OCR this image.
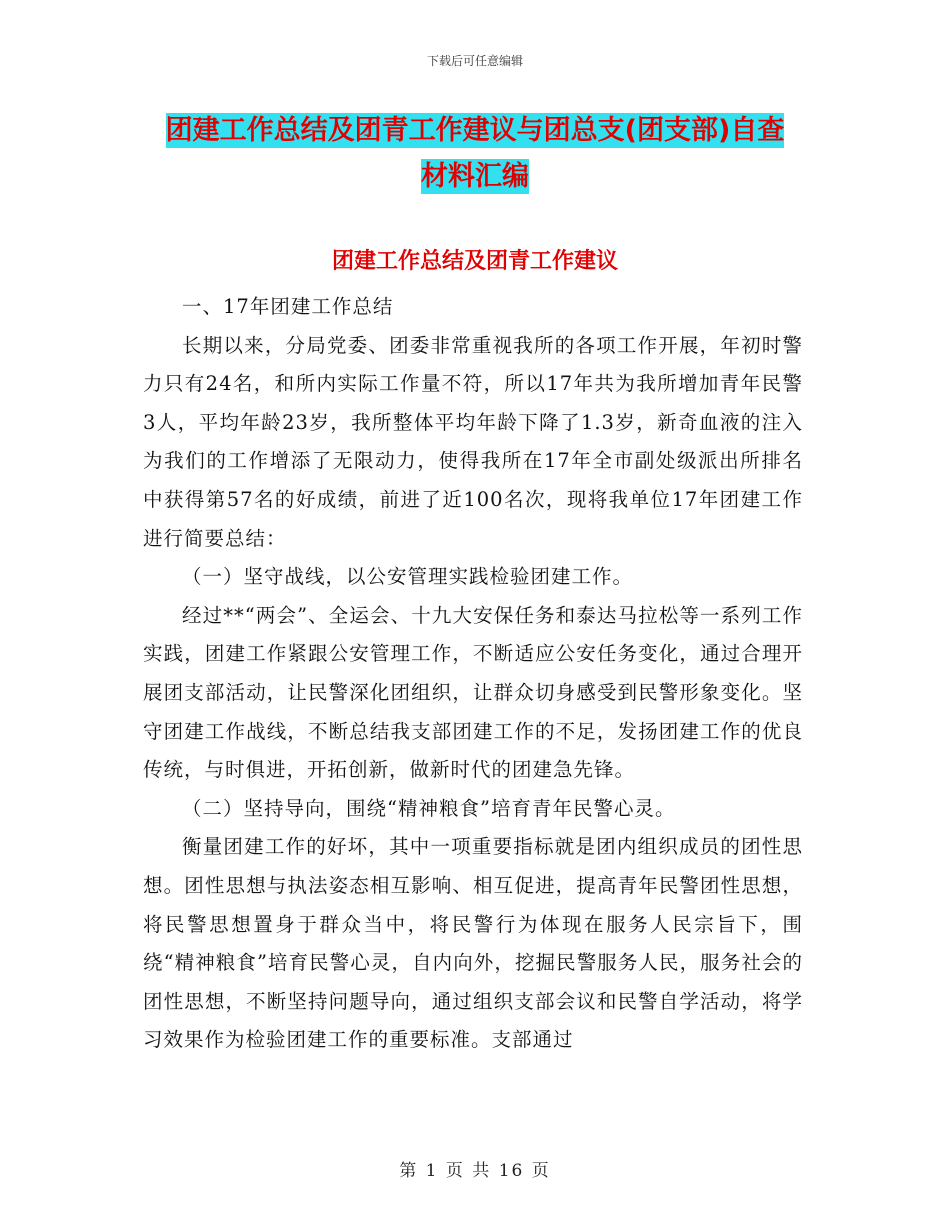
下载后可任意编辑
团建工作总结及团青工作建议与团总支(团支部)自查
材料汇编
团建工作总结及团青工作建议

一、17年团建工作总结

长期以来，分局党委、团委非常重视我所的各项工作开展，年初时警力只有24名，和所内实际工作量不符，所以17年共为我所增加青年民警3人，平均年龄23岁，我所整体平均年龄下降了1.3岁，新奇血液的注入为我们的工作增添了无限动力，使得我所在17年全市副处级派出所排名中获得第57名的好成绩，前进了近100名次，现将我单位17年团建工作进行简要总结：

（一）坚守战线，以公安管理实践检验团建工作。

经过**“两会”、全运会、十九大安保任务和泰达马拉松等一系列工作实践，团建工作紧跟公安管理工作，不断适应公安任务变化，通过合理开展团支部活动，让民警深化团组织，让群众切身感受到民警形象变化。坚守团建工作战线，不断总结我支部团建工作的不足，发扬团建工作的优良传统，与时俱进，开拓创新，做新时代的团建急先锋。

（二）坚持导向，围绕“精神粮食”培育青年民警心灵。

衡量团建工作的好坏，其中一项重要指标就是团内组织成员的团性思想。团性思想与执法姿态相互影响、相互促进，提高青年民警团性思想，将民警思想置身于群众当中，将民警行为体现在服务人民宗旨下，围绕“精神粮食”培育民警心灵，自内向外，挖掘民警服务人民，服务社会的团性思想，不断坚持问题导向，通过组织支部会议和民警自学活动，将学习效果作为检验团建工作的重要标准。支部通过

第 1 页 共 16 页
